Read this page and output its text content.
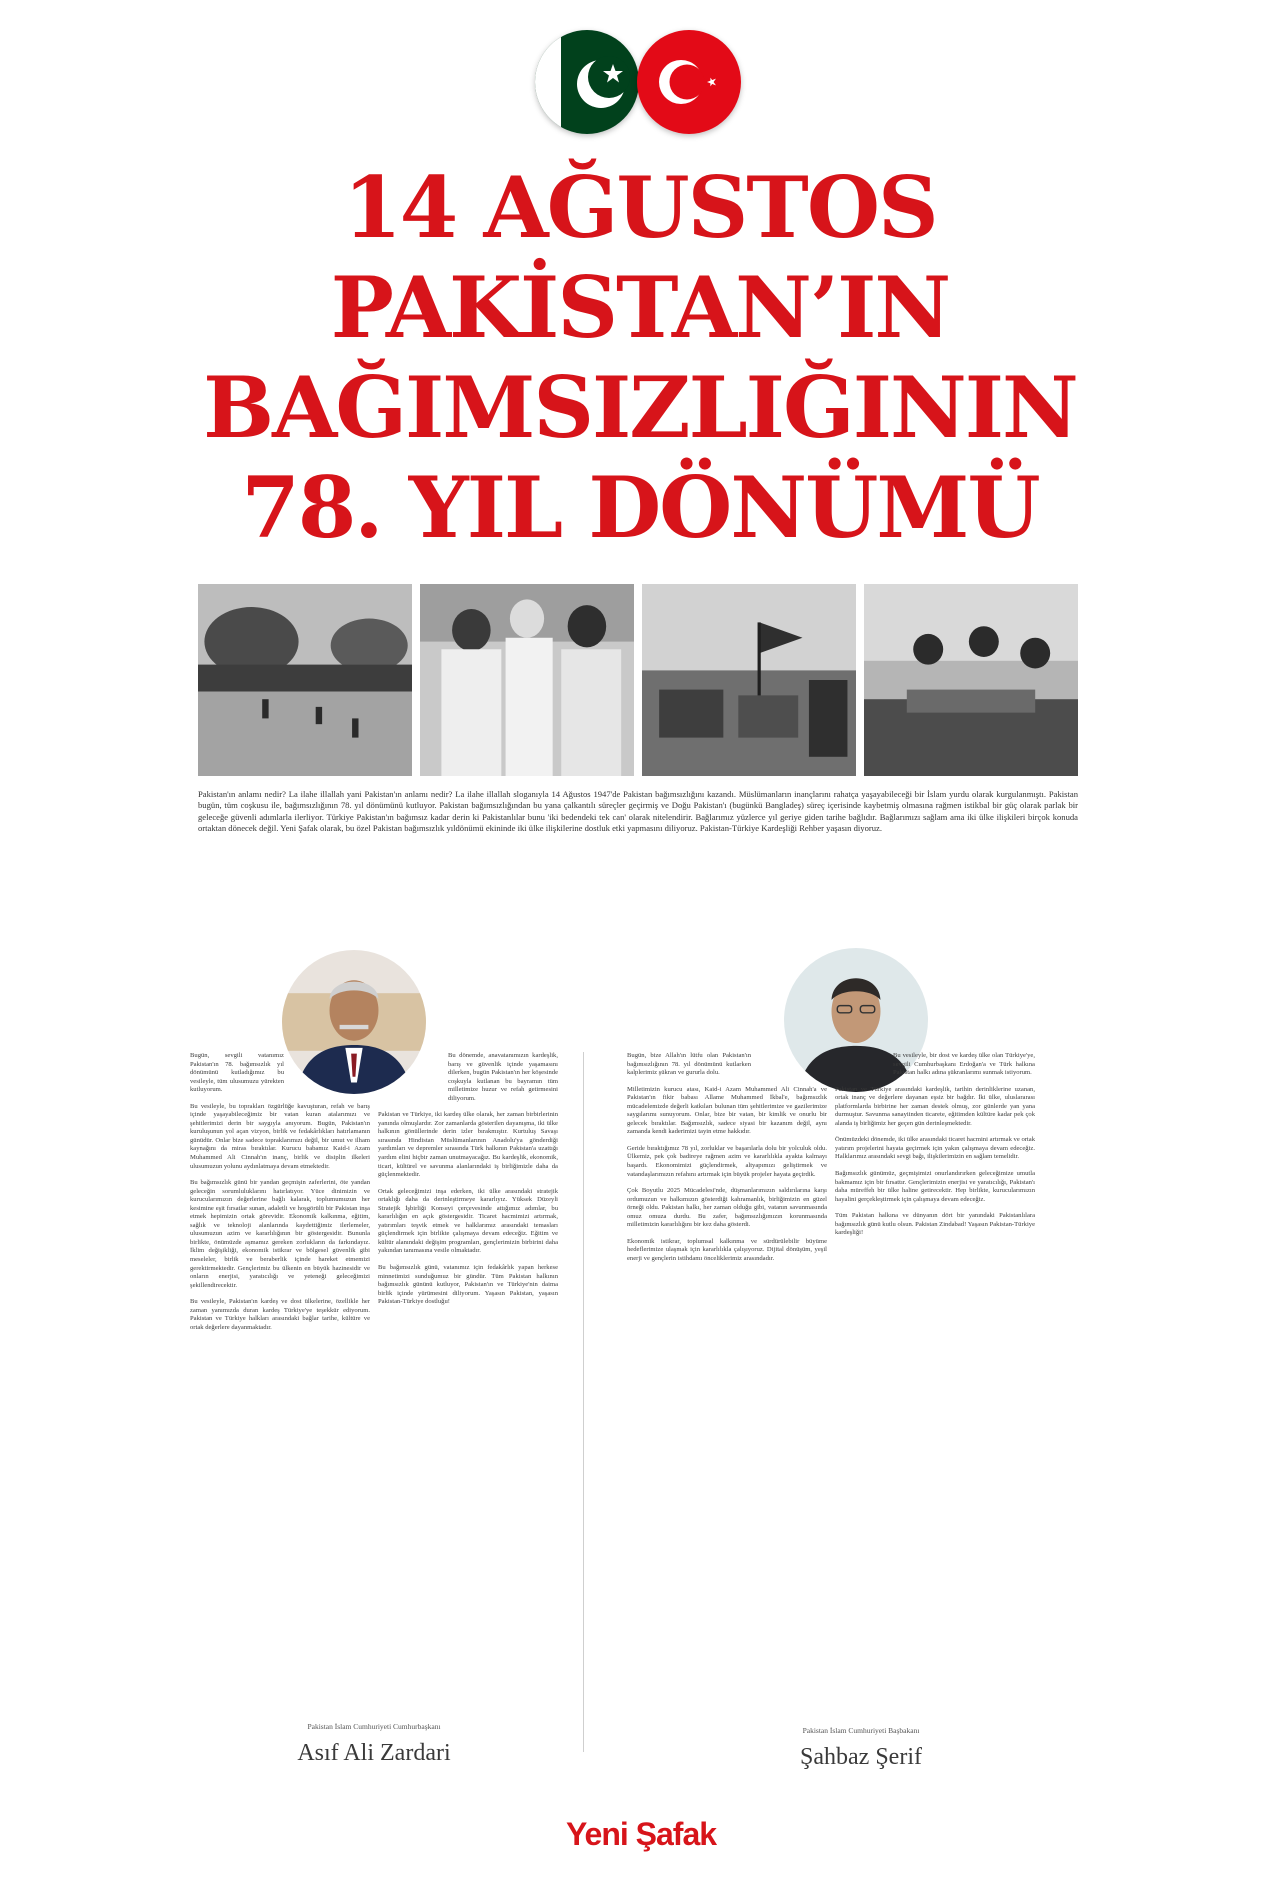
14 AĞUSTOS
PAKİSTAN’IN
BAĞIMSIZLIĞININ
78. YIL DÖNÜMÜ

Pakistan'ın anlamı nedir? La ilahe illallah yani Pakistan'ın anlamı nedir? La ilahe illallah sloganıyla 14 Ağustos 1947'de Pakistan bağımsızlığını kazandı. Müslümanların inançlarını rahatça yaşayabileceği bir İslam yurdu olarak kurgulanmıştı. Pakistan bugün, tüm coşkusu ile, bağımsızlığının 78. yıl dönümünü kutluyor. Pakistan bağımsızlığından bu yana çalkantılı süreçler geçirmiş ve Doğu Pakistan'ı (bugünkü Bangladeş) süreç içerisinde kaybetmiş olmasına rağmen istikbal bir güç olarak parlak bir geleceğe güvenli adımlarla ilerliyor. Türkiye Pakistan'ın bağımsız kadar derin ki Pakistanlılar bunu 'iki bedendeki tek can' olarak nitelendirir. Bağlarımız yüzlerce yıl geriye giden tarihe bağlıdır. Bağlarımızı sağlam ama iki ülke ilişkileri birçok konuda ortaktan dönecek değil. Yeni Şafak olarak, bu özel Pakistan bağımsızlık yıldönümü ekininde iki ülke ilişkilerine dostluk etki yapmasını diliyoruz. Pakistan-Türkiye Kardeşliği Rehber yaşasın diyoruz.

Bugün, sevgili vatanımız Pakistan'ın 78. bağımsızlık yıl dönümünü kutladığımız bu vesileyle, tüm ulusumuzu yürekten kutluyorum.

Bu vesileyle, bu toprakları özgürlüğe kavuşturan, refah ve barış içinde yaşayabileceğimiz bir vatan kuran atalarımızı ve şehitlerimizi derin bir saygıyla anıyorum. Bugün, Pakistan'ın kuruluşunun yol açan vizyon, birlik ve fedakârlıkları hatırlamanın günüdür. Onlar bize sadece topraklarımızı değil, bir umut ve ilham kaynağını da miras bıraktılar. Kurucu babamız Kaid-i Azam Muhammed Ali Cinnah'ın inanç, birlik ve disiplin ilkeleri ulusumuzun yolunu aydınlatmaya devam etmektedir.

Bu bağımsızlık günü bir yandan geçmişin zaferlerini, öte yandan geleceğin sorumluluklarını hatırlatıyor. Yüce dinimizin ve kurucularımızın değerlerine bağlı kalarak, toplumumuzun her kesimine eşit fırsatlar sunan, adaletli ve hoşgörülü bir Pakistan inşa etmek hepimizin ortak görevidir. Ekonomik kalkınma, eğitim, sağlık ve teknoloji alanlarında kaydettiğimiz ilerlemeler, ulusumuzun azim ve kararlılığının bir göstergesidir. Bununla birlikte, önümüzde aşmamız gereken zorlukların da farkındayız. İklim değişikliği, ekonomik istikrar ve bölgesel güvenlik gibi meseleler, birlik ve beraberlik içinde hareket etmemizi gerektirmektedir. Gençlerimiz bu ülkenin en büyük hazinesidir ve onların enerjisi, yaratıcılığı ve yeteneği geleceğimizi şekillendirecektir.

Bu vesileyle, Pakistan'ın kardeş ve dost ülkelerine, özellikle her zaman yanımızda duran kardeş Türkiye'ye teşekkür ediyorum. Pakistan ve Türkiye halkları arasındaki bağlar tarihe, kültüre ve ortak değerlere dayanmaktadır.

Bu dönemde, anavatanımızın kardeşlik, barış ve güvenlik içinde yaşamasını dilerken, bugün Pakistan'ın her köşesinde coşkuyla kutlanan bu bayramın tüm milletimize huzur ve refah getirmesini diliyorum.

Pakistan ve Türkiye, iki kardeş ülke olarak, her zaman birbirlerinin yanında olmuşlardır. Zor zamanlarda gösterilen dayanışma, iki ülke halkının gönüllerinde derin izler bırakmıştır. Kurtuluş Savaşı sırasında Hindistan Müslümanlarının Anadolu'ya gönderdiği yardımları ve depremler sırasında Türk halkının Pakistan'a uzattığı yardım elini hiçbir zaman unutmayacağız. Bu kardeşlik, ekonomik, ticari, kültürel ve savunma alanlarındaki iş birliğimizle daha da güçlenmektedir.

Ortak geleceğimizi inşa ederken, iki ülke arasındaki stratejik ortaklığı daha da derinleştirmeye kararlıyız. Yüksek Düzeyli Stratejik İşbirliği Konseyi çerçevesinde attığımız adımlar, bu kararlılığın en açık göstergesidir. Ticaret hacmimizi artırmak, yatırımları teşvik etmek ve halklarımız arasındaki temasları güçlendirmek için birlikte çalışmaya devam edeceğiz. Eğitim ve kültür alanındaki değişim programları, gençlerimizin birbirini daha yakından tanımasına vesile olmaktadır.

Bu bağımsızlık günü, vatanımız için fedakârlık yapan herkese minnetimizi sunduğumuz bir gündür. Tüm Pakistan halkının bağımsızlık gününü kutluyor, Pakistan'ın ve Türkiye'nin daima birlik içinde yürümesini diliyorum. Yaşasın Pakistan, yaşasın Pakistan-Türkiye dostluğu!

Pakistan İslam Cumhuriyeti Cumhurbaşkanı
Asıf Ali Zardari

Bugün, bize Allah'ın lütfu olan Pakistan'ın bağımsızlığının 78. yıl dönümünü kutlarken kalplerimiz şükran ve gururla dolu.

Milletimizin kurucu atası, Kaid-i Azam Muhammed Ali Cinnah'a ve Pakistan'ın fikir babası Allame Muhammed İkbal'e, bağımsızlık mücadelemizde değerli katkıları bulunan tüm şehitlerimize ve gazilerimize saygılarımı sunuyorum. Onlar, bize bir vatan, bir kimlik ve onurlu bir gelecek bıraktılar. Bağımsızlık, sadece siyasi bir kazanım değil, aynı zamanda kendi kaderimizi tayin etme hakkıdır.

Geride bıraktığımız 78 yıl, zorluklar ve başarılarla dolu bir yolculuk oldu. Ülkemiz, pek çok badireye rağmen azim ve kararlılıkla ayakta kalmayı başardı. Ekonomimizi güçlendirmek, altyapımızı geliştirmek ve vatandaşlarımızın refahını artırmak için büyük projeler hayata geçirdik.

Çok Boyutlu 2025 Mücadelesi'nde, düşmanlarımızın saldırılarına karşı ordumuzun ve halkımızın gösterdiği kahramanlık, birliğimizin en güzel örneği oldu. Pakistan halkı, her zaman olduğu gibi, vatanın savunmasında omuz omuza durdu. Bu zafer, bağımsızlığımızın korunmasında milletimizin kararlılığını bir kez daha gösterdi.

Ekonomik istikrar, toplumsal kalkınma ve sürdürülebilir büyüme hedeflerimize ulaşmak için kararlılıkla çalışıyoruz. Dijital dönüşüm, yeşil enerji ve gençlerin istihdamı önceliklerimiz arasındadır.

Bu vesileyle, bir dost ve kardeş ülke olan Türkiye'ye, sevgili Cumhurbaşkanı Erdoğan'a ve Türk halkına Pakistan halkı adına şükranlarımı sunmak istiyorum.

Pakistan ve Türkiye arasındaki kardeşlik, tarihin derinliklerine uzanan, ortak inanç ve değerlere dayanan eşsiz bir bağdır. İki ülke, uluslararası platformlarda birbirine her zaman destek olmuş, zor günlerde yan yana durmuştur. Savunma sanayiinden ticarete, eğitimden kültüre kadar pek çok alanda iş birliğimiz her geçen gün derinleşmektedir.

Önümüzdeki dönemde, iki ülke arasındaki ticaret hacmini artırmak ve ortak yatırım projelerini hayata geçirmek için yakın çalışmaya devam edeceğiz. Halklarımız arasındaki sevgi bağı, ilişkilerimizin en sağlam temelidir.

Bağımsızlık günümüz, geçmişimizi onurlandırırken geleceğimize umutla bakmamız için bir fırsattır. Gençlerimizin enerjisi ve yaratıcılığı, Pakistan'ı daha müreffeh bir ülke haline getirecektir. Hep birlikte, kurucularımızın hayalini gerçekleştirmek için çalışmaya devam edeceğiz.

Tüm Pakistan halkına ve dünyanın dört bir yanındaki Pakistanlılara bağımsızlık günü kutlu olsun. Pakistan Zindabad! Yaşasın Pakistan-Türkiye kardeşliği!

Pakistan İslam Cumhuriyeti Başbakanı
Şahbaz Şerif
Yeni Şafak
